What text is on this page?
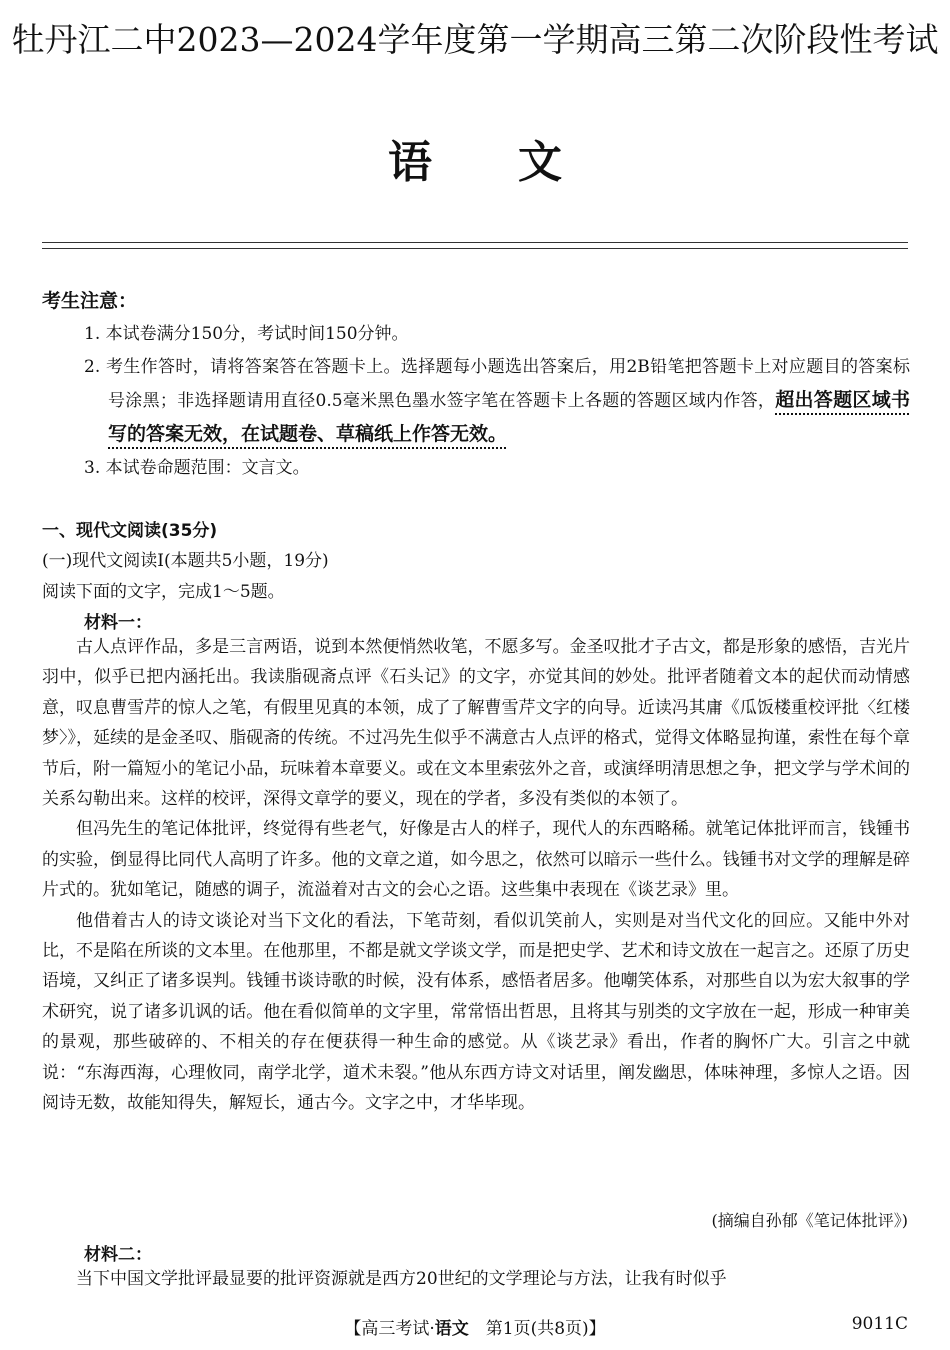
牡丹江二中2023—2024学年度第一学期高三第二次阶段性考试
语文
考生注意：

1. 本试卷满分150分，考试时间150分钟。

2. 考生作答时，请将答案答在答题卡上。选择题每小题选出答案后，用2B铅笔把答题卡上对应题目的答案标号涂黑；非选择题请用直径0.5毫米黑色墨水签字笔在答题卡上各题的答题区域内作答，超出答题区域书写的答案无效，在试题卷、草稿纸上作答无效。

3. 本试卷命题范围：文言文。

一、现代文阅读(35分)
(一)现代文阅读Ⅰ(本题共5小题，19分)
阅读下面的文字，完成1～5题。
材料一：

古人点评作品，多是三言两语，说到本然便悄然收笔，不愿多写。金圣叹批才子古文，都是形象的感悟，吉光片羽中，似乎已把内涵托出。我读脂砚斋点评《石头记》的文字，亦觉其间的妙处。批评者随着文本的起伏而动情感意，叹息曹雪芹的惊人之笔，有假里见真的本领，成了了解曹雪芹文字的向导。近读冯其庸《瓜饭楼重校评批〈红楼梦〉》，延续的是金圣叹、脂砚斋的传统。不过冯先生似乎不满意古人点评的格式，觉得文体略显拘谨，索性在每个章节后，附一篇短小的笔记小品，玩味着本章要义。或在文本里索弦外之音，或演绎明清思想之争，把文学与学术间的关系勾勒出来。这样的校评，深得文章学的要义，现在的学者，多没有类似的本领了。

但冯先生的笔记体批评，终觉得有些老气，好像是古人的样子，现代人的东西略稀。就笔记体批评而言，钱锺书的实验，倒显得比同代人高明了许多。他的文章之道，如今思之，依然可以暗示一些什么。钱锺书对文学的理解是碎片式的。犹如笔记，随感的调子，流溢着对古文的会心之语。这些集中表现在《谈艺录》里。

他借着古人的诗文谈论对当下文化的看法，下笔苛刻，看似讥笑前人，实则是对当代文化的回应。又能中外对比，不是陷在所谈的文本里。在他那里，不都是就文学谈文学，而是把史学、艺术和诗文放在一起言之。还原了历史语境，又纠正了诸多误判。钱锺书谈诗歌的时候，没有体系，感悟者居多。他嘲笑体系，对那些自以为宏大叙事的学术研究，说了诸多讥讽的话。他在看似简单的文字里，常常悟出哲思，且将其与别类的文字放在一起，形成一种审美的景观，那些破碎的、不相关的存在便获得一种生命的感觉。从《谈艺录》看出，作者的胸怀广大。引言之中就说：“东海西海，心理攸同，南学北学，道术未裂。”他从东西方诗文对话里，阐发幽思，体味神理，多惊人之语。因阅诗无数，故能知得失，解短长，通古今。文字之中，才华毕现。

(摘编自孙郁《笔记体批评》)
材料二：

当下中国文学批评最显要的批评资源就是西方20世纪的文学理论与方法，让我有时似乎

【高三考试·语文　第1页(共8页)】	9011C
